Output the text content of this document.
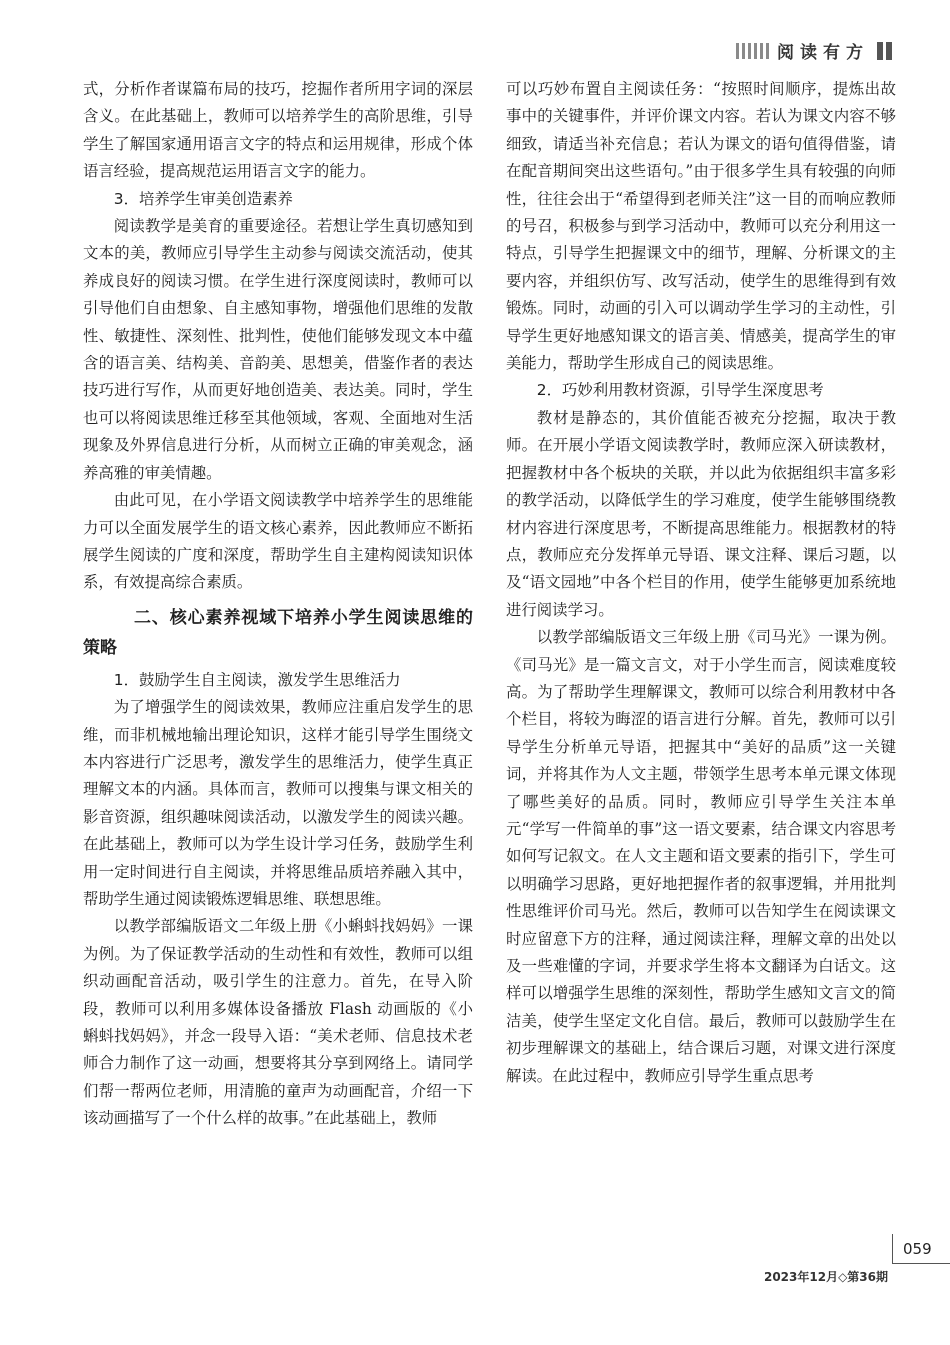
阅读有方

式，分析作者谋篇布局的技巧，挖掘作者所用字词的深层含义。在此基础上，教师可以培养学生的高阶思维，引导学生了解国家通用语言文字的特点和运用规律，形成个体语言经验，提高规范运用语言文字的能力。

3．培养学生审美创造素养

阅读教学是美育的重要途径。若想让学生真切感知到文本的美，教师应引导学生主动参与阅读交流活动，使其养成良好的阅读习惯。在学生进行深度阅读时，教师可以引导他们自由想象、自主感知事物，增强他们思维的发散性、敏捷性、深刻性、批判性，使他们能够发现文本中蕴含的语言美、结构美、音韵美、思想美，借鉴作者的表达技巧进行写作，从而更好地创造美、表达美。同时，学生也可以将阅读思维迁移至其他领域，客观、全面地对生活现象及外界信息进行分析，从而树立正确的审美观念，涵养高雅的审美情趣。

由此可见，在小学语文阅读教学中培养学生的思维能力可以全面发展学生的语文核心素养，因此教师应不断拓展学生阅读的广度和深度，帮助学生自主建构阅读知识体系，有效提高综合素质。

二、核心素养视域下培养小学生阅读思维的策略
1．鼓励学生自主阅读，激发学生思维活力

为了增强学生的阅读效果，教师应注重启发学生的思维，而非机械地输出理论知识，这样才能引导学生围绕文本内容进行广泛思考，激发学生的思维活力，使学生真正理解文本的内涵。具体而言，教师可以搜集与课文相关的影音资源，组织趣味阅读活动，以激发学生的阅读兴趣。在此基础上，教师可以为学生设计学习任务，鼓励学生利用一定时间进行自主阅读，并将思维品质培养融入其中，帮助学生通过阅读锻炼逻辑思维、联想思维。

以教学部编版语文二年级上册《小蝌蚪找妈妈》一课为例。为了保证教学活动的生动性和有效性，教师可以组织动画配音活动，吸引学生的注意力。首先，在导入阶段，教师可以利用多媒体设备播放 Flash 动画版的《小蝌蚪找妈妈》，并念一段导入语：“美术老师、信息技术老师合力制作了这一动画，想要将其分享到网络上。请同学们帮一帮两位老师，用清脆的童声为动画配音，介绍一下该动画描写了一个什么样的故事。”在此基础上，教师

可以巧妙布置自主阅读任务：“按照时间顺序，提炼出故事中的关键事件，并评价课文内容。若认为课文内容不够细致，请适当补充信息；若认为课文的语句值得借鉴，请在配音期间突出这些语句。”由于很多学生具有较强的向师性，往往会出于“希望得到老师关注”这一目的而响应教师的号召，积极参与到学习活动中，教师可以充分利用这一特点，引导学生把握课文中的细节，理解、分析课文的主要内容，并组织仿写、改写活动，使学生的思维得到有效锻炼。同时，动画的引入可以调动学生学习的主动性，引导学生更好地感知课文的语言美、情感美，提高学生的审美能力，帮助学生形成自己的阅读思维。

2．巧妙利用教材资源，引导学生深度思考

教材是静态的，其价值能否被充分挖掘，取决于教师。在开展小学语文阅读教学时，教师应深入研读教材，把握教材中各个板块的关联，并以此为依据组织丰富多彩的教学活动，以降低学生的学习难度，使学生能够围绕教材内容进行深度思考，不断提高思维能力。根据教材的特点，教师应充分发挥单元导语、课文注释、课后习题，以及“语文园地”中各个栏目的作用，使学生能够更加系统地进行阅读学习。

以教学部编版语文三年级上册《司马光》一课为例。《司马光》是一篇文言文，对于小学生而言，阅读难度较高。为了帮助学生理解课文，教师可以综合利用教材中各个栏目，将较为晦涩的语言进行分解。首先，教师可以引导学生分析单元导语，把握其中“美好的品质”这一关键词，并将其作为人文主题，带领学生思考本单元课文体现了哪些美好的品质。同时，教师应引导学生关注本单元“学写一件简单的事”这一语文要素，结合课文内容思考如何写记叙文。在人文主题和语文要素的指引下，学生可以明确学习思路，更好地把握作者的叙事逻辑，并用批判性思维评价司马光。然后，教师可以告知学生在阅读课文时应留意下方的注释，通过阅读注释，理解文章的出处以及一些难懂的字词，并要求学生将本文翻译为白话文。这样可以增强学生思维的深刻性，帮助学生感知文言文的简洁美，使学生坚定文化自信。最后，教师可以鼓励学生在初步理解课文的基础上，结合课后习题，对课文进行深度解读。在此过程中，教师应引导学生重点思考

059
2023年12月◇第36期
